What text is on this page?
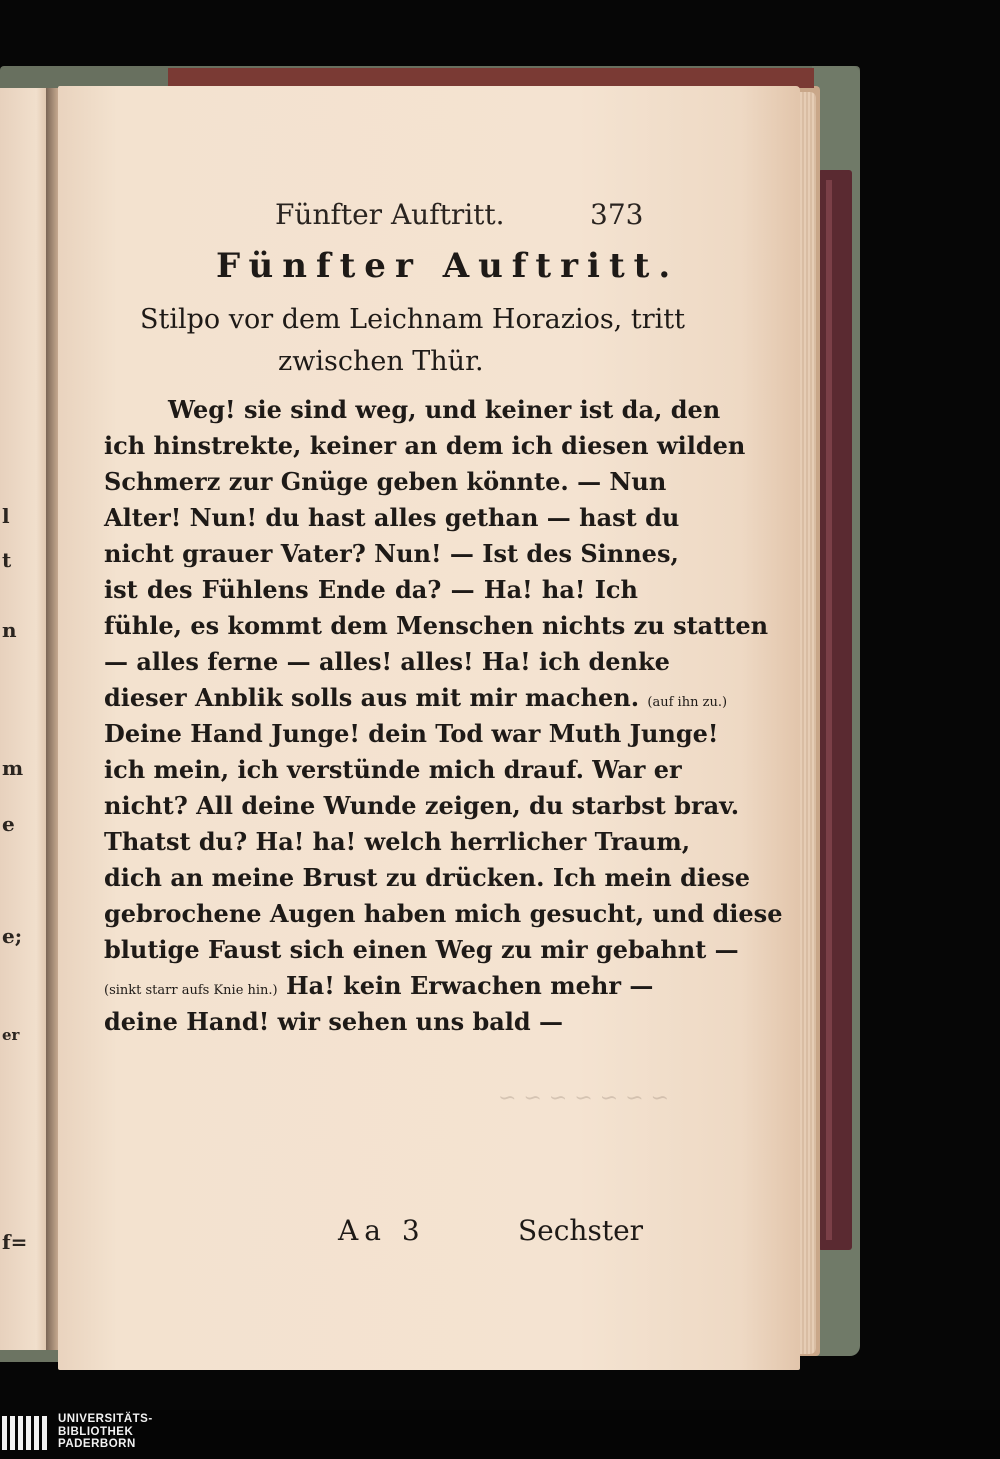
l
t
n
m
e
e;
er
f=
~ ~ ~ ~ ~ ~ ~
Fünfter Auftritt.	373
Fünfter Auftritt.
Stilpo vor dem Leichnam Horazios, tritt
zwischen Thür.
Weg! sie sind weg, und keiner ist da, den
ich hinstrekte, keiner an dem ich diesen wilden
Schmerz zur Gnüge geben könnte. — Nun
Alter! Nun! du hast alles gethan — hast du
nicht grauer Vater? Nun! — Ist des Sinnes,
ist des Fühlens Ende da? — Ha! ha! Ich
fühle, es kommt dem Menschen nichts zu statten
— alles ferne — alles! alles! Ha! ich denke
dieser Anblik solls aus mit mir machen. (auf ihn zu.)
Deine Hand Junge! dein Tod war Muth Junge!
ich mein, ich verstünde mich drauf. War er
nicht? All deine Wunde zeigen, du starbst brav.
Thatst du? Ha! ha! welch herrlicher Traum,
dich an meine Brust zu drücken. Ich mein diese
gebrochene Augen haben mich gesucht, und diese
blutige Faust sich einen Weg zu mir gebahnt —
(sinkt starr aufs Knie hin.) Ha! kein Erwachen mehr —
deine Hand! wir sehen uns bald —
Aa 3	Sechster
UNIVERSITÄTS-
BIBLIOTHEK
PADERBORN
